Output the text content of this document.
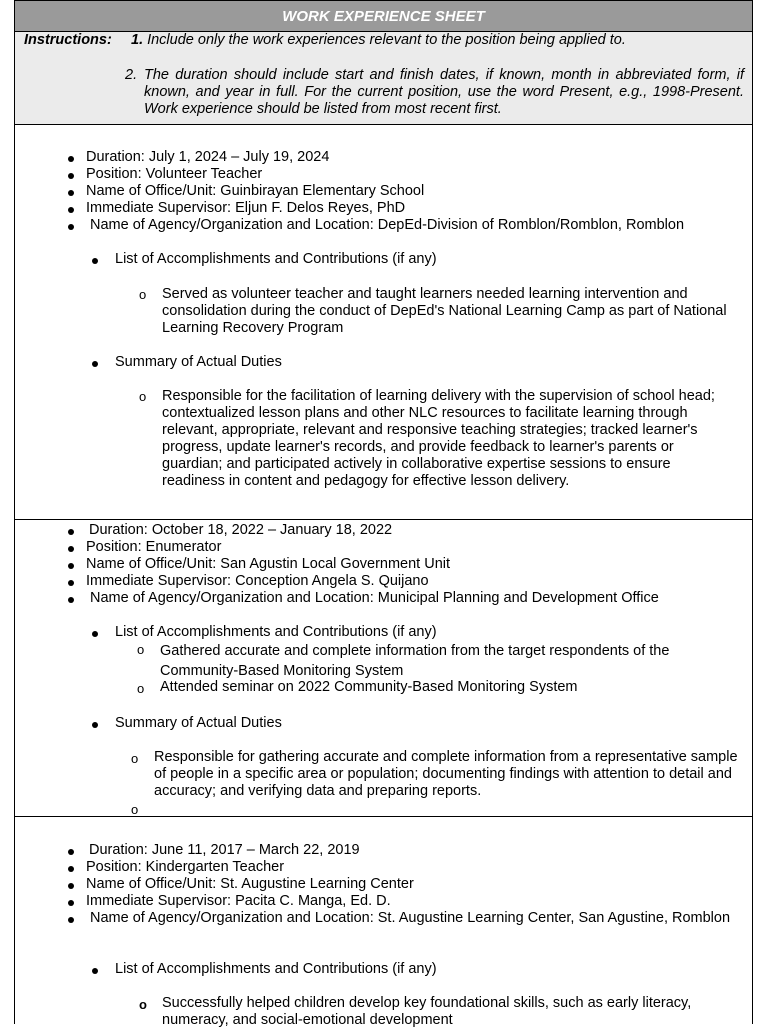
WORK EXPERIENCE SHEET
Instructions: 1. Include only the work experiences relevant to the position being applied to.
2. The duration should include start and finish dates, if known, month in abbreviated form, if known, and year in full. For the current position, use the word Present, e.g., 1998-Present. Work experience should be listed from most recent first.
Duration: July 1, 2024 – July 19, 2024
Position: Volunteer Teacher
Name of Office/Unit: Guinbirayan Elementary School
Immediate Supervisor: Eljun F. Delos Reyes, PhD
Name of Agency/Organization and Location: DepEd-Division of Romblon/Romblon, Romblon
List of Accomplishments and Contributions (if any)
o Served as volunteer teacher and taught learners needed learning intervention and consolidation during the conduct of DepEd's National Learning Camp as part of National Learning Recovery Program
Summary of Actual Duties
o Responsible for the facilitation of learning delivery with the supervision of school head; contextualized lesson plans and other NLC resources to facilitate learning through relevant, appropriate, relevant and responsive teaching strategies; tracked learner's progress, update learner's records, and provide feedback to learner's parents or guardian; and participated actively in collaborative expertise sessions to ensure readiness in content and pedagogy for effective lesson delivery.
Duration: October 18, 2022 – January 18, 2022
Position: Enumerator
Name of Office/Unit: San Agustin Local Government Unit
Immediate Supervisor: Conception Angela S. Quijano
Name of Agency/Organization and Location: Municipal Planning and Development Office
List of Accomplishments and Contributions (if any)
o Gathered accurate and complete information from the target respondents of the Community-Based Monitoring System
o Attended seminar on 2022 Community-Based Monitoring System
Summary of Actual Duties
o Responsible for gathering accurate and complete information from a representative sample of people in a specific area or population; documenting findings with attention to detail and accuracy; and verifying data and preparing reports.
o
Duration: June 11, 2017 – March 22, 2019
Position: Kindergarten Teacher
Name of Office/Unit: St. Augustine Learning Center
Immediate Supervisor: Pacita C. Manga, Ed. D.
Name of Agency/Organization and Location: St. Augustine Learning Center, San Agustine, Romblon
List of Accomplishments and Contributions (if any)
o Successfully helped children develop key foundational skills, such as early literacy, numeracy, and social-emotional development
